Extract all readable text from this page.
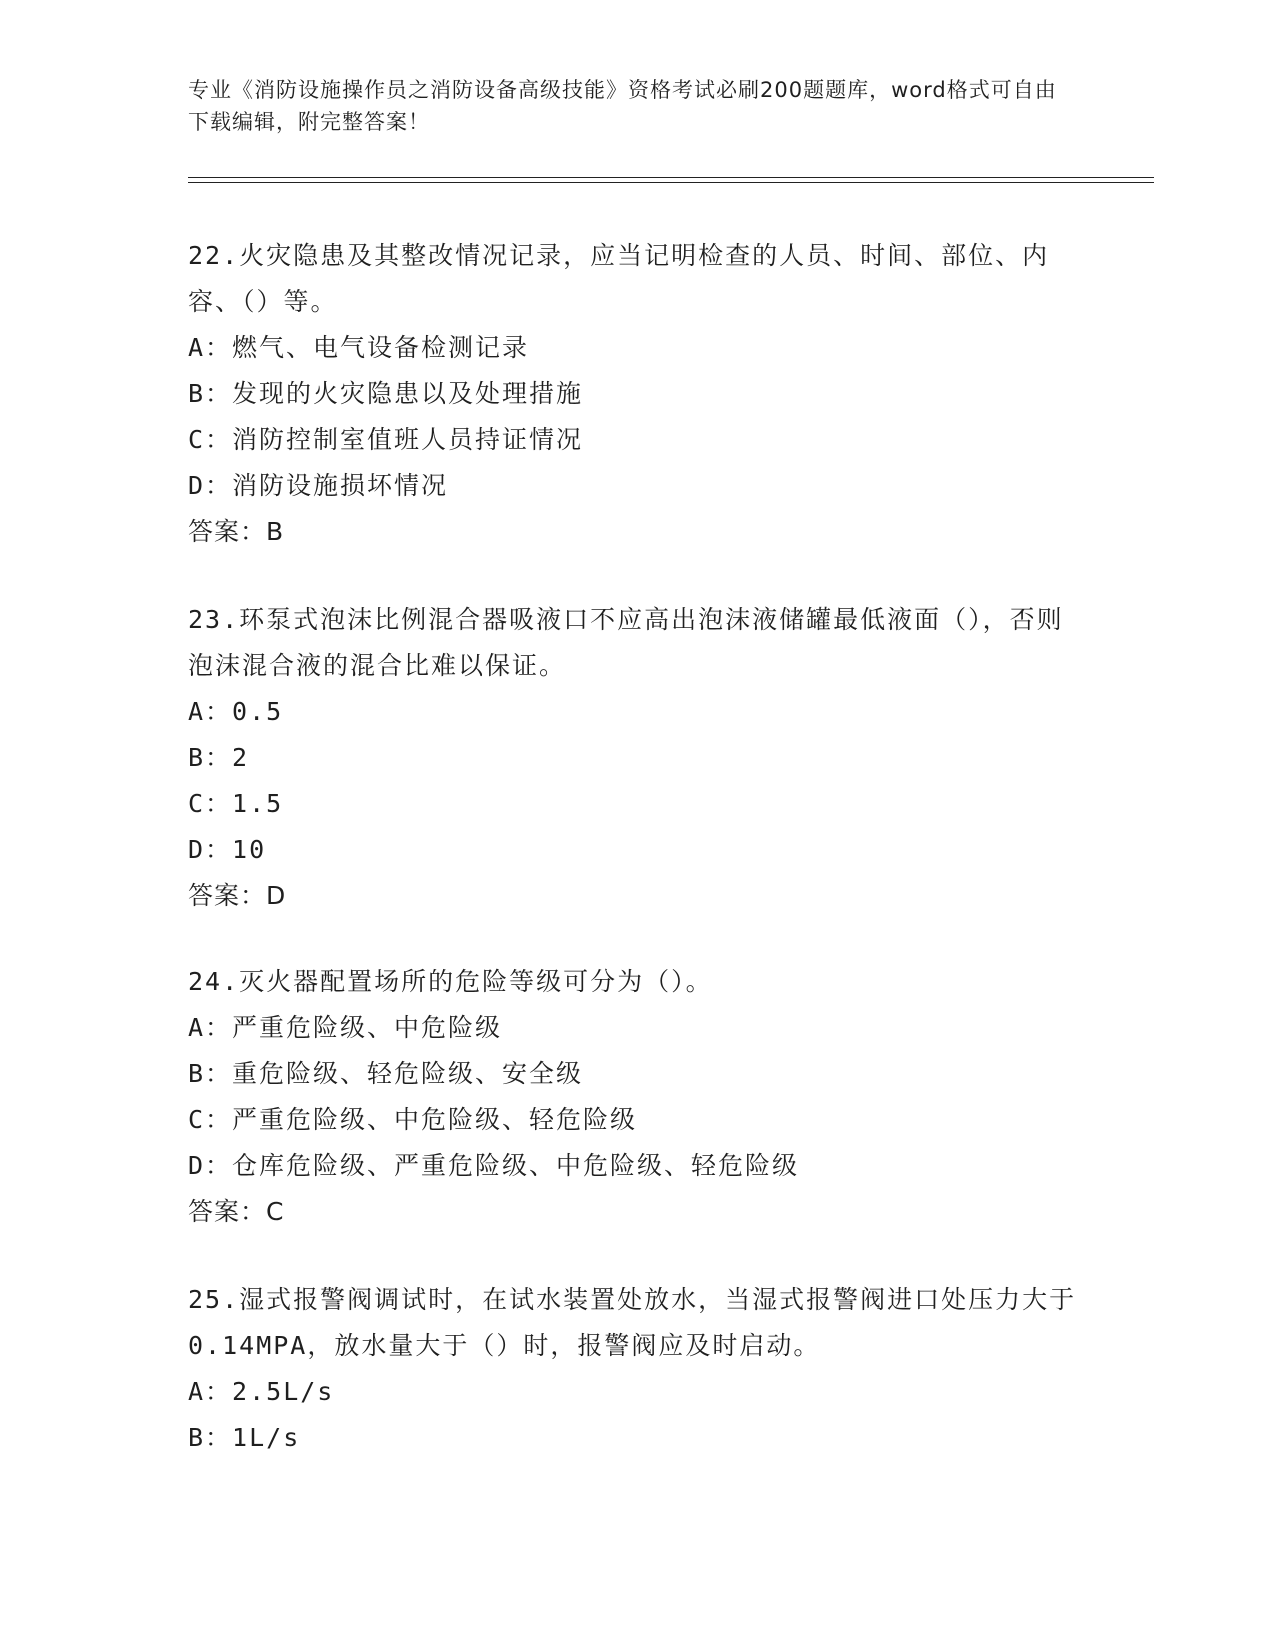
专业《消防设施操作员之消防设备高级技能》资格考试必刷200题题库，word格式可自由下载编辑，附完整答案！
22.火灾隐患及其整改情况记录，应当记明检查的人员、时间、部位、内容、（）等。
A：燃气、电气设备检测记录
B：发现的火灾隐患以及处理措施
C：消防控制室值班人员持证情况
D：消防设施损坏情况
答案：B
23.环泵式泡沫比例混合器吸液口不应高出泡沫液储罐最低液面（），否则泡沫混合液的混合比难以保证。
A：0.5
B：2
C：1.5
D：10
答案：D
24.灭火器配置场所的危险等级可分为（）。
A：严重危险级、中危险级
B：重危险级、轻危险级、安全级
C：严重危险级、中危险级、轻危险级
D：仓库危险级、严重危险级、中危险级、轻危险级
答案：C
25.湿式报警阀调试时，在试水装置处放水，当湿式报警阀进口处压力大于0.14MPA，放水量大于（）时，报警阀应及时启动。
A：2.5L/s
B：1L/s
